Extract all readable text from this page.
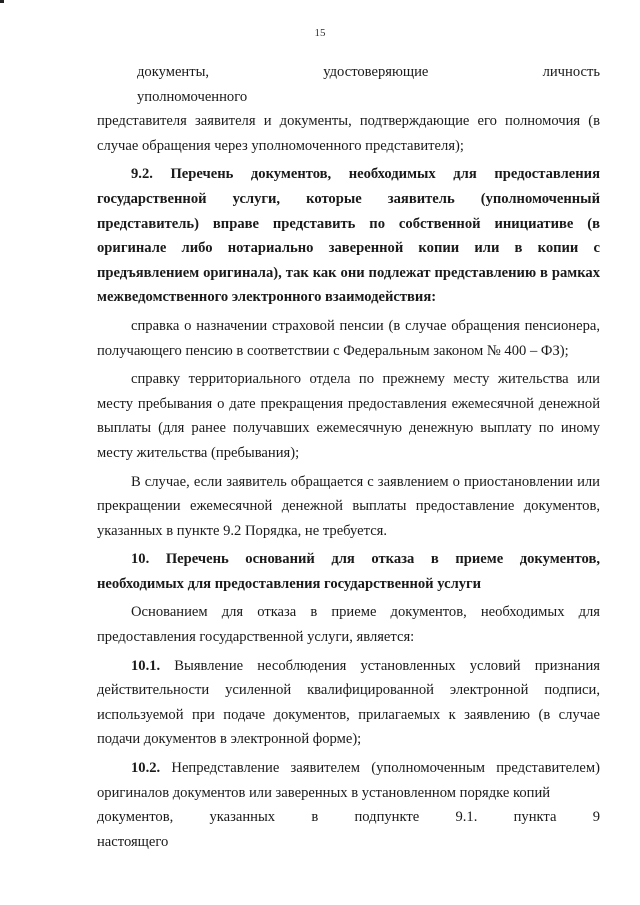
15

документы, удостоверяющие личность уполномоченного

представителя заявителя и документы, подтверждающие его полномочия (в случае обращения через уполномоченного представителя);

9.2. Перечень документов, необходимых для предоставления государственной услуги, которые заявитель (уполномоченный представитель) вправе представить по собственной инициативе (в оригинале либо нотариально заверенной копии или в копии с предъявлением оригинала), так как они подлежат представлению в рамках межведомственного электронного взаимодействия:

справка о назначении страховой пенсии (в случае обращения пенсионера, получающего пенсию в соответствии с Федеральным законом № 400 – ФЗ);

справку территориального отдела по прежнему месту жительства или месту пребывания о дате прекращения предоставления ежемесячной денежной выплаты (для ранее получавших ежемесячную денежную выплату по иному месту жительства (пребывания);

В случае, если заявитель обращается с заявлением о приостановлении или прекращении ежемесячной денежной выплаты предоставление документов, указанных в пункте 9.2 Порядка, не требуется.

10. Перечень оснований для отказа в приеме документов, необходимых для предоставления государственной услуги

Основанием для отказа в приеме документов, необходимых для предоставления государственной услуги, является:

10.1. Выявление несоблюдения установленных условий признания действительности усиленной квалифицированной электронной подписи, используемой при подаче документов, прилагаемых к заявлению (в случае подачи документов в электронной форме);

10.2. Непредставление заявителем (уполномоченным представителем) оригиналов документов или заверенных в установленном порядке копий

документов, указанных в подпункте 9.1. пункта 9 настоящего
